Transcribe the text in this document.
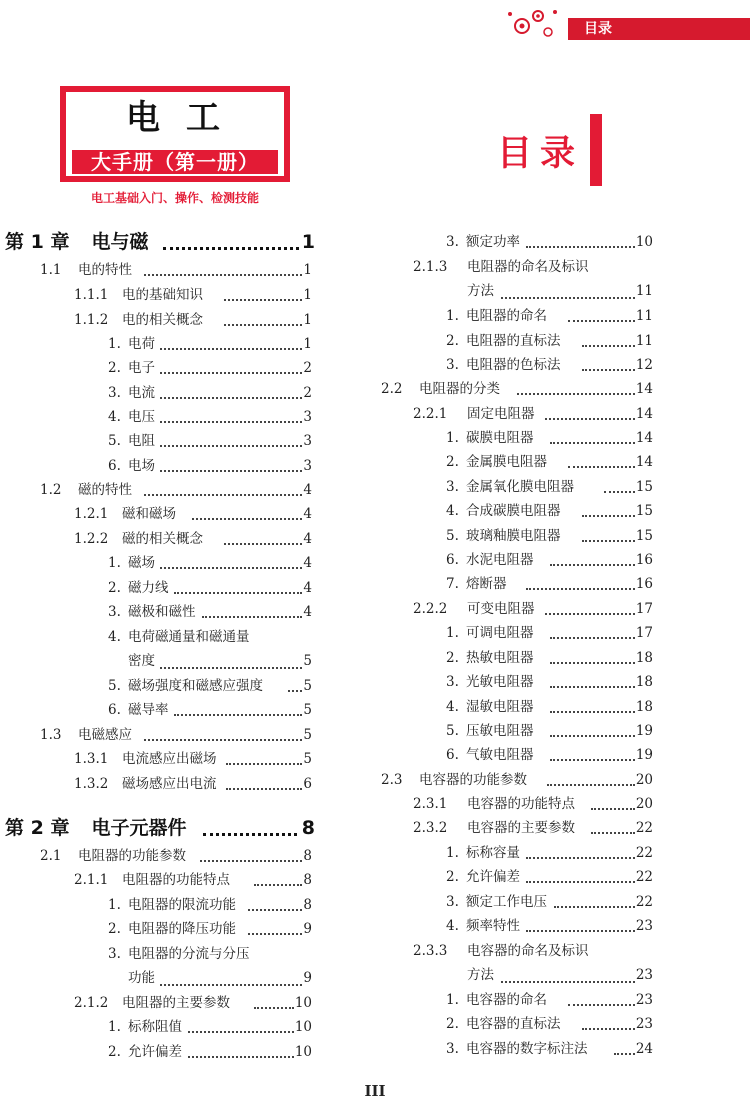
目录
电工
大手册（第一册）
电工基础入门、操作、检测技能
目录
第 1 章 电与磁	1
1.1 电的特性	1
1.1.1 电的基础知识	1
1.1.2 电的相关概念	1
1. 电荷	1
2. 电子	2
3. 电流	2
4. 电压	3
5. 电阻	3
6. 电场	3
1.2 磁的特性	4
1.2.1 磁和磁场	4
1.2.2 磁的相关概念	4
1. 磁场	4
2. 磁力线	4
3. 磁极和磁性	4
4. 电荷磁通量和磁通量
密度	5
5. 磁场强度和磁感应强度	5
6. 磁导率	5
1.3 电磁感应	5
1.3.1 电流感应出磁场	5
1.3.2 磁场感应出电流	6
第 2 章 电子元器件	8
2.1 电阻器的功能参数	8
2.1.1 电阻器的功能特点	8
1. 电阻器的限流功能	8
2. 电阻器的降压功能	9
3. 电阻器的分流与分压
功能	9
2.1.2 电阻器的主要参数	10
1. 标称阻值	10
2. 允许偏差	10
3. 额定功率	10
2.1.3 电阻器的命名及标识
方法	11
1. 电阻器的命名	11
2. 电阻器的直标法	11
3. 电阻器的色标法	12
2.2 电阻器的分类	14
2.2.1 固定电阻器	14
1. 碳膜电阻器	14
2. 金属膜电阻器	14
3. 金属氧化膜电阻器	15
4. 合成碳膜电阻器	15
5. 玻璃釉膜电阻器	15
6. 水泥电阻器	16
7. 熔断器	16
2.2.2 可变电阻器	17
1. 可调电阻器	17
2. 热敏电阻器	18
3. 光敏电阻器	18
4. 湿敏电阻器	18
5. 压敏电阻器	19
6. 气敏电阻器	19
2.3 电容器的功能参数	20
2.3.1 电容器的功能特点	20
2.3.2 电容器的主要参数	22
1. 标称容量	22
2. 允许偏差	22
3. 额定工作电压	22
4. 频率特性	23
2.3.3 电容器的命名及标识
方法	23
1. 电容器的命名	23
2. 电容器的直标法	23
3. 电容器的数字标注法	24
III
